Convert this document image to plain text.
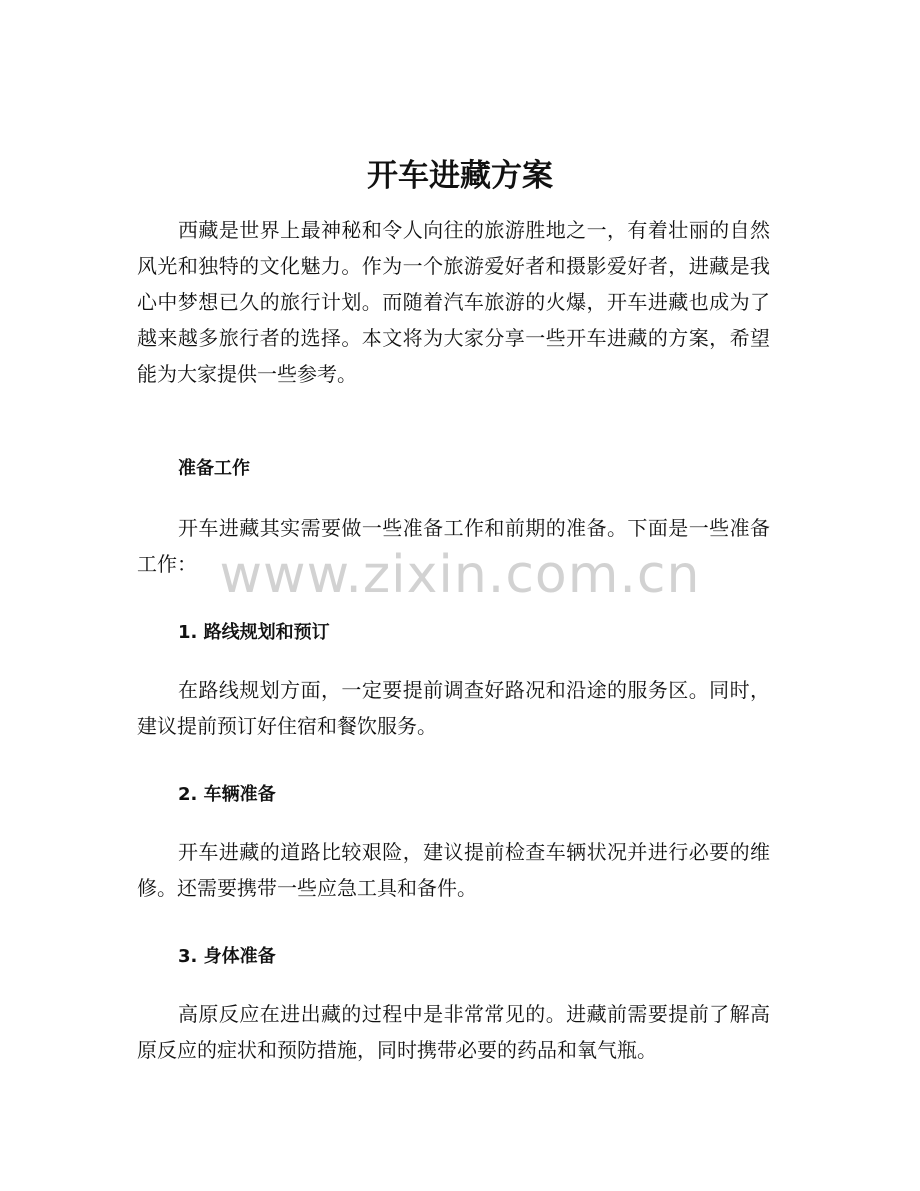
开车进藏方案

西藏是世界上最神秘和令人向往的旅游胜地之一，有着壮丽的自然风光和独特的文化魅力。作为一个旅游爱好者和摄影爱好者，进藏是我心中梦想已久的旅行计划。而随着汽车旅游的火爆，开车进藏也成为了越来越多旅行者的选择。本文将为大家分享一些开车进藏的方案，希望能为大家提供一些参考。

准备工作

开车进藏其实需要做一些准备工作和前期的准备。下面是一些准备工作：

1. 路线规划和预订

在路线规划方面，一定要提前调查好路况和沿途的服务区。同时，建议提前预订好住宿和餐饮服务。

2. 车辆准备

开车进藏的道路比较艰险，建议提前检查车辆状况并进行必要的维修。还需要携带一些应急工具和备件。

3. 身体准备

高原反应在进出藏的过程中是非常常见的。进藏前需要提前了解高原反应的症状和预防措施，同时携带必要的药品和氧气瓶。

www.zixin.com.cn
